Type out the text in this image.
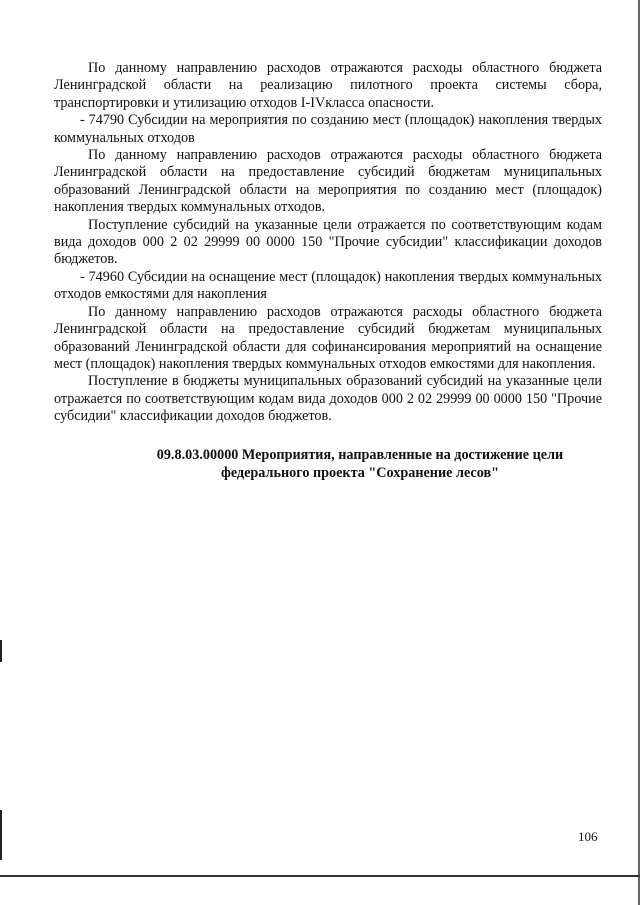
По данному направлению расходов отражаются расходы областного бюджета Ленинградской области на реализацию пилотного проекта системы сбора, транспортировки и утилизацию отходов I-IVкласса опасности.

- 74790 Субсидии на мероприятия по созданию мест (площадок) накопления твердых коммунальных отходов

По данному направлению расходов отражаются расходы областного бюджета Ленинградской области на предоставление субсидий бюджетам муниципальных образований Ленинградской области на мероприятия по созданию мест (площадок) накопления твердых коммунальных отходов.

Поступление субсидий на указанные цели отражается по соответствующим кодам вида доходов 000 2 02 29999 00 0000 150 "Прочие субсидии" классификации доходов бюджетов.

- 74960 Субсидии на оснащение мест (площадок) накопления твердых коммунальных отходов емкостями для накопления

По данному направлению расходов отражаются расходы областного бюджета Ленинградской области на предоставление субсидий бюджетам муниципальных образований Ленинградской области для софинансирования мероприятий на оснащение мест (площадок) накопления твердых коммунальных отходов емкостями для накопления.

Поступление в бюджеты муниципальных образований субсидий на указанные цели отражается по соответствующим кодам вида доходов 000 2 02 29999 00 0000 150 "Прочие субсидии" классификации доходов бюджетов.

09.8.03.00000 Мероприятия, направленные на достижение цели
федерального проекта "Сохранение лесов"
106
